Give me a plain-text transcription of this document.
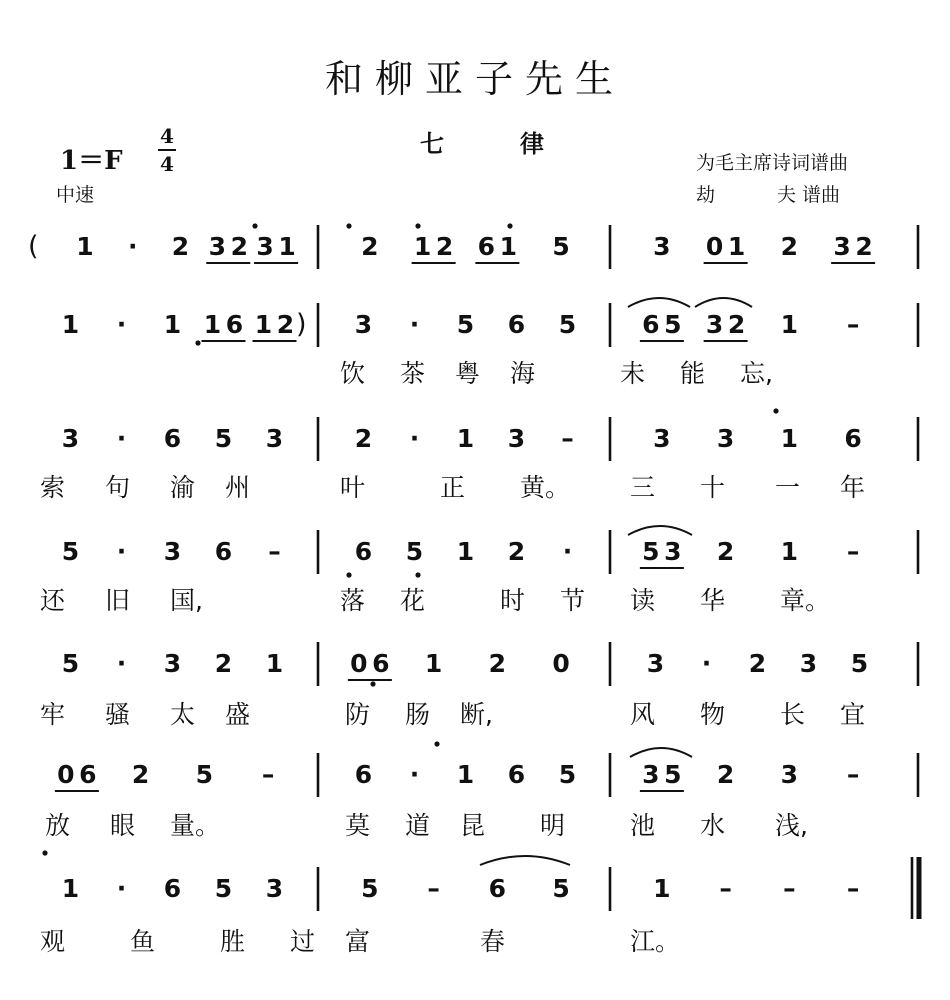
和柳亚子先生
七　律
1＝F
4
4
中速
为毛主席诗词谱曲
劫	夫 谱曲
( 1 · 2 3 2 3 1	2 1 2 6 1 5	3 0 1 2 3 2
1 · 1 1 6 1 2 3 · 5 6 5	6 5 3 2 1 –
)
饮 茶 粤 海	未 能 忘,
3 · 6 5 3	2 · 1 3 –	3 3 1 6
索 句 渝 州	叶	正 黄。 三 十 一 年
5 · 3 6 –	6 5 1 2 ·	5 3 2 1 –
还 旧 国,	落 花	时 节 读 华 章。
5 · 3 2 1	0 6 1 2 0	3 · 2 3 5
牢 骚 太 盛	防 肠 断,	风 物 长 宜
0 6 2 5 –	6 · 1 6 5	3 5 2 3 –
放 眼 量。	莫 道 昆 明	池 水 浅,
1 · 6 5 3	5 – 6 5	1 – – –
观	鱼	胜 过 富	春	江。
